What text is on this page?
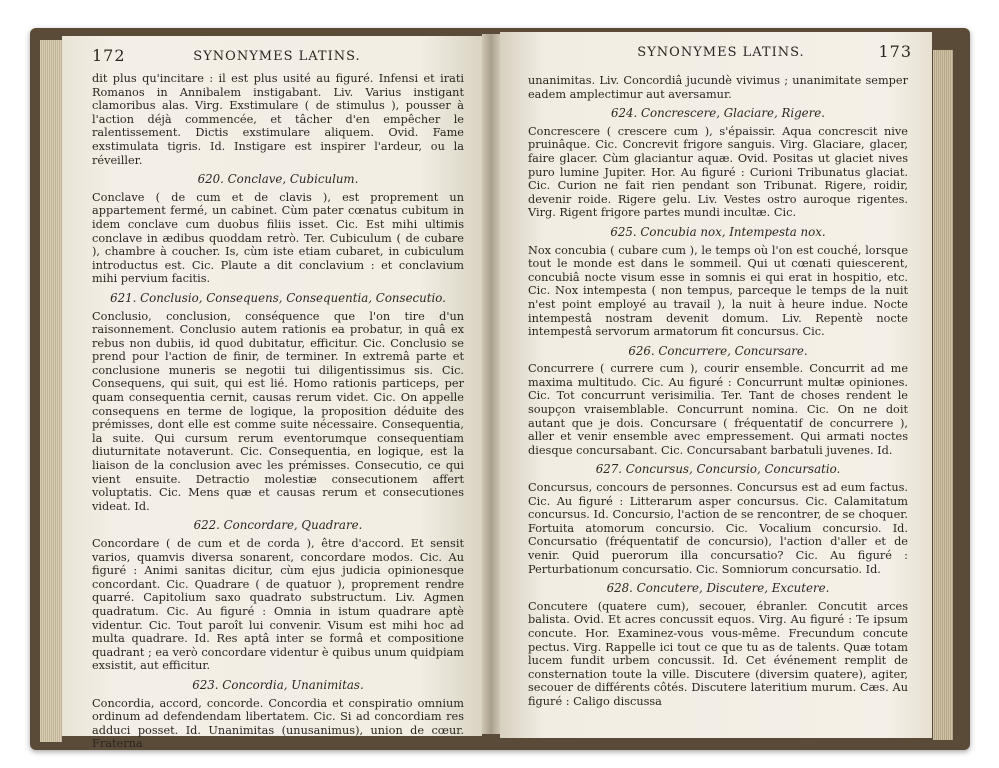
172	SYNONYMES LATINS.

dit plus qu'incitare : il est plus usité au figuré. Infensi et irati Romanos in Annibalem instigabant. Liv. Varius instigant clamoribus alas. Virg. Exstimulare ( de stimulus ), pousser à l'action déjà commencée, et tâcher d'en empêcher le ralentissement. Dictis exstimulare aliquem. Ovid. Fame exstimulata tigris. Id. Instigare est inspirer l'ardeur, ou la réveiller.

620. Conclave, Cubiculum.

Conclave ( de cum et de clavis ), est proprement un appartement fermé, un cabinet. Cùm pater cœnatus cubitum in idem conclave cum duobus filiis isset. Cic. Est mihi ultimis conclave in ædibus quoddam retrò. Ter. Cubiculum ( de cubare ), chambre à coucher. Is, cùm iste etiam cubaret, in cubiculum introductus est. Cic. Plaute a dit conclavium : et conclavium mihi pervium facitis.

621. Conclusio, Consequens, Consequentia, Consecutio.

Conclusio, conclusion, conséquence que l'on tire d'un raisonnement. Conclusio autem rationis ea probatur, in quâ ex rebus non dubiis, id quod dubitatur, efficitur. Cic. Conclusio se prend pour l'action de finir, de terminer. In extremâ parte et conclusione muneris se negotii tui diligentissimus sis. Cic. Consequens, qui suit, qui est lié. Homo rationis particeps, per quam consequentia cernit, causas rerum videt. Cic. On appelle consequens en terme de logique, la proposition déduite des prémisses, dont elle est comme suite nécessaire. Consequentia, la suite. Qui cursum rerum eventorumque consequentiam diuturnitate notaverunt. Cic. Consequentia, en logique, est la liaison de la conclusion avec les prémisses. Consecutio, ce qui vient ensuite. Detractio molestiæ consecutionem affert voluptatis. Cic. Mens quæ et causas rerum et consecutiones videat. Id.

622. Concordare, Quadrare.

Concordare ( de cum et de corda ), être d'accord. Et sensit varios, quamvis diversa sonarent, concordare modos. Cic. Au figuré : Animi sanitas dicitur, cùm ejus judicia opinionesque concordant. Cic. Quadrare ( de quatuor ), proprement rendre quarré. Capitolium saxo quadrato substructum. Liv. Agmen quadratum. Cic. Au figuré : Omnia in istum quadrare aptè videntur. Cic. Tout paroît lui convenir. Visum est mihi hoc ad multa quadrare. Id. Res aptâ inter se formâ et compositione quadrant ; ea verò concordare videntur è quibus unum quidpiam exsistit, aut efficitur.

623. Concordia, Unanimitas.

Concordia, accord, concorde. Concordia et conspiratio omnium ordinum ad defendendam libertatem. Cic. Si ad concordiam res adduci posset. Id. Unanimitas (unusanimus), union de cœur. Fraterna

SYNONYMES LATINS.	173

unanimitas. Liv. Concordiâ jucundè vivimus ; unanimitate semper eadem amplectimur aut aversamur.

624. Concrescere, Glaciare, Rigere.

Concrescere ( crescere cum ), s'épaissir. Aqua concrescit nive pruinâque. Cic. Concrevit frigore sanguis. Virg. Glaciare, glacer, faire glacer. Cùm glaciantur aquæ. Ovid. Positas ut glaciet nives puro lumine Jupiter. Hor. Au figuré : Curioni Tribunatus glaciat. Cic. Curion ne fait rien pendant son Tribunat. Rigere, roidir, devenir roide. Rigere gelu. Liv. Vestes ostro auroque rigentes. Virg. Rigent frigore partes mundi incultæ. Cic.

625. Concubia nox, Intempesta nox.

Nox concubia ( cubare cum ), le temps où l'on est couché, lorsque tout le monde est dans le sommeil. Qui ut cœnati quiescerent, concubiâ nocte visum esse in somnis ei qui erat in hospitio, etc. Cic. Nox intempesta ( non tempus, parceque le temps de la nuit n'est point employé au travail ), la nuit à heure indue. Nocte intempestâ nostram devenit domum. Liv. Repentè nocte intempestâ servorum armatorum fit concursus. Cic.

626. Concurrere, Concursare.

Concurrere ( currere cum ), courir ensemble. Concurrit ad me maxima multitudo. Cic. Au figuré : Concurrunt multæ opiniones. Cic. Tot concurrunt verisimilia. Ter. Tant de choses rendent le soupçon vraisemblable. Concurrunt nomina. Cic. On ne doit autant que je dois. Concursare ( fréquentatif de concurrere ), aller et venir ensemble avec empressement. Qui armati noctes diesque concursabant. Cic. Concursabant barbatuli juvenes. Id.

627. Concursus, Concursio, Concursatio.

Concursus, concours de personnes. Concursus est ad eum factus. Cic. Au figuré : Litterarum asper concursus. Cic. Calamitatum concursus. Id. Concursio, l'action de se rencontrer, de se choquer. Fortuita atomorum concursio. Cic. Vocalium concursio. Id. Concursatio (fréquentatif de concursio), l'action d'aller et de venir. Quid puerorum illa concursatio? Cic. Au figuré : Perturbationum concursatio. Cic. Somniorum concursatio. Id.

628. Concutere, Discutere, Excutere.

Concutere (quatere cum), secouer, ébranler. Concutit arces balista. Ovid. Et acres concussit equos. Virg. Au figuré : Te ipsum concute. Hor. Examinez-vous vous-même. Frecundum concute pectus. Virg. Rappelle ici tout ce que tu as de talents. Quæ totam lucem fundit urbem concussit. Id. Cet événement remplit de consternation toute la ville. Discutere (diversim quatere), agiter, secouer de différents côtés. Discutere lateritium murum. Cæs. Au figuré : Caligo discussa
